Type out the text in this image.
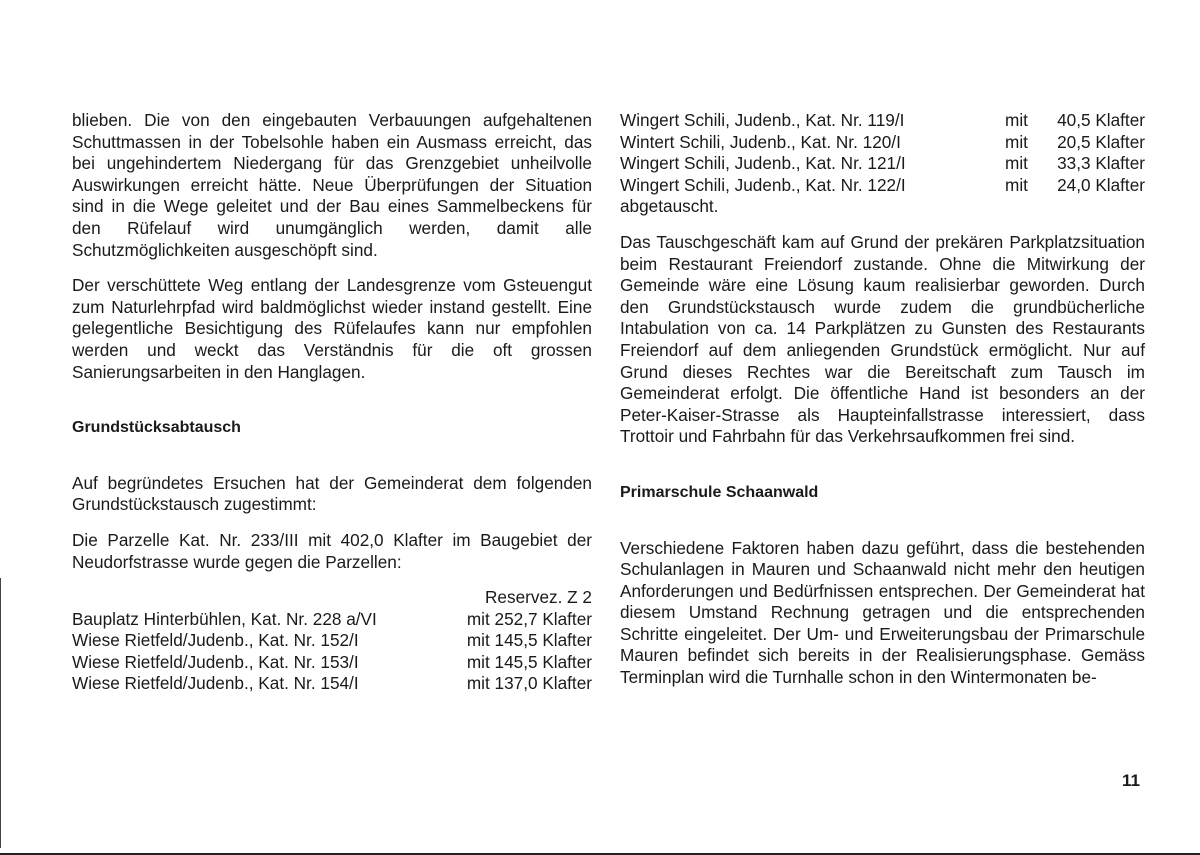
blieben. Die von den eingebauten Verbauungen aufgehaltenen Schuttmassen in der Tobelsohle haben ein Ausmass erreicht, das bei ungehindertem Niedergang für das Grenzgebiet unheilvolle Auswirkungen erreicht hätte. Neue Überprüfungen der Situation sind in die Wege geleitet und der Bau eines Sammelbeckens für den Rüfelauf wird unumgänglich werden, damit alle Schutzmöglichkeiten ausgeschöpft sind.

Der verschüttete Weg entlang der Landesgrenze vom Gsteuengut zum Naturlehrpfad wird baldmöglichst wieder instand gestellt. Eine gelegentliche Besichtigung des Rüfelaufes kann nur empfohlen werden und weckt das Verständnis für die oft grossen Sanierungsarbeiten in den Hanglagen.

Grundstücksabtausch

Auf begründetes Ersuchen hat der Gemeinderat dem folgenden Grundstückstausch zugestimmt:

Die Parzelle Kat. Nr. 233/III mit 402,0 Klafter im Baugebiet der Neudorfstrasse wurde gegen die Parzellen:

Reservez. Z 2
Bauplatz Hinterbühlen, Kat. Nr. 228 a/VI	mit 252,7 Klafter
Wiese Rietfeld/Judenb., Kat. Nr. 152/I	mit 145,5 Klafter
Wiese Rietfeld/Judenb., Kat. Nr. 153/I	mit 145,5 Klafter
Wiese Rietfeld/Judenb., Kat. Nr. 154/I	mit 137,0 Klafter
Wingert Schili, Judenb., Kat. Nr. 119/I	mit	40,5 Klafter
Wintert Schili, Judenb., Kat. Nr. 120/I	mit	20,5 Klafter
Wingert Schili, Judenb., Kat. Nr. 121/I	mit	33,3 Klafter
Wingert Schili, Judenb., Kat. Nr. 122/I	mit	24,0 Klafter

abgetauscht.

Das Tauschgeschäft kam auf Grund der prekären Parkplatzsituation beim Restaurant Freiendorf zustande. Ohne die Mitwirkung der Gemeinde wäre eine Lösung kaum realisierbar geworden. Durch den Grundstückstausch wurde zudem die grundbücherliche Intabulation von ca. 14 Parkplätzen zu Gunsten des Restaurants Freiendorf auf dem anliegenden Grundstück ermöglicht. Nur auf Grund dieses Rechtes war die Bereitschaft zum Tausch im Gemeinderat erfolgt. Die öffentliche Hand ist besonders an der Peter-Kaiser-Strasse als Haupteinfallstrasse interessiert, dass Trottoir und Fahrbahn für das Verkehrsaufkommen frei sind.

Primarschule Schaanwald

Verschiedene Faktoren haben dazu geführt, dass die bestehenden Schulanlagen in Mauren und Schaanwald nicht mehr den heutigen Anforderungen und Bedürfnissen entsprechen. Der Gemeinderat hat diesem Umstand Rechnung getragen und die entsprechenden Schritte eingeleitet. Der Um- und Erweiterungsbau der Primarschule Mauren befindet sich bereits in der Realisierungsphase. Gemäss Terminplan wird die Turnhalle schon in den Wintermonaten be-

11
